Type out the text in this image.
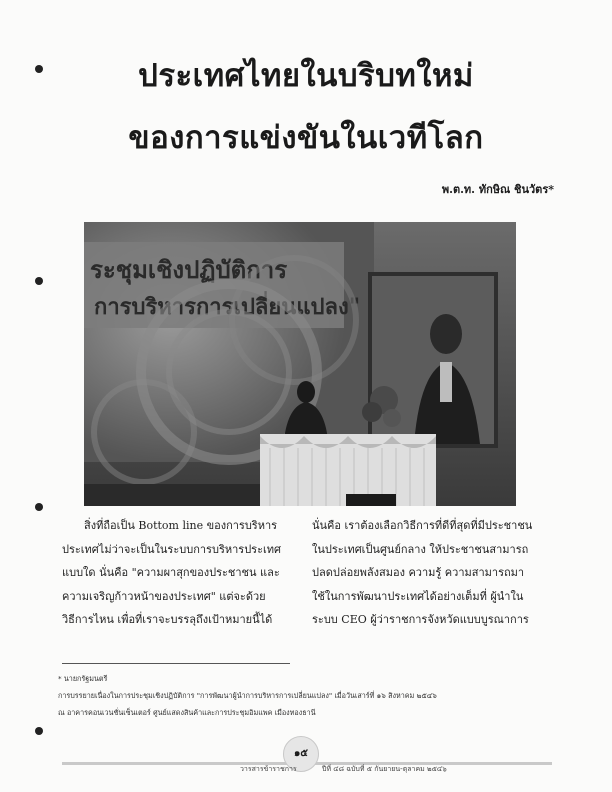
ประเทศไทยในบริบทใหม่
ของการแข่งขันในเวทีโลก
พ.ต.ท. ทักษิณ ชินวัตร*
ระชุมเชิงปฏิบัติการ
การบริหารการเปลี่ยนแปลง"

สิ่งที่ถือเป็น Bottom line ของการบริหาร

ประเทศไม่ว่าจะเป็นในระบบการบริหารประเทศ

แบบใด นั่นคือ "ความผาสุกของประชาชน และ

ความเจริญก้าวหน้าของประเทศ" แต่จะด้วย

วิธีการไหน เพื่อที่เราจะบรรลุถึงเป้าหมายนี้ได้

นั่นคือ เราต้องเลือกวิธีการที่ดีที่สุดที่มีประชาชน

ในประเทศเป็นศูนย์กลาง ให้ประชาชนสามารถ

ปลดปล่อยพลังสมอง ความรู้ ความสามารถมา

ใช้ในการพัฒนาประเทศได้อย่างเต็มที่ ผู้นำใน

ระบบ CEO ผู้ว่าราชการจังหวัดแบบบูรณาการ

* นายกรัฐมนตรี
การบรรยายเนื่องในการประชุมเชิงปฏิบัติการ "การพัฒนาผู้นำการบริหารการเปลี่ยนแปลง" เมื่อวันเสาร์ที่ ๑๖ สิงหาคม ๒๕๔๖
ณ อาคารคอนเวนชั่นเซ็นเตอร์ ศูนย์แสดงสินค้าและการประชุมอิมแพค เมืองทองธานี
๑๕
วารสารข้าราชการ	ปีที่ ๔๘ ฉบับที่ ๕ กันยายน-ตุลาคม ๒๕๔๖
